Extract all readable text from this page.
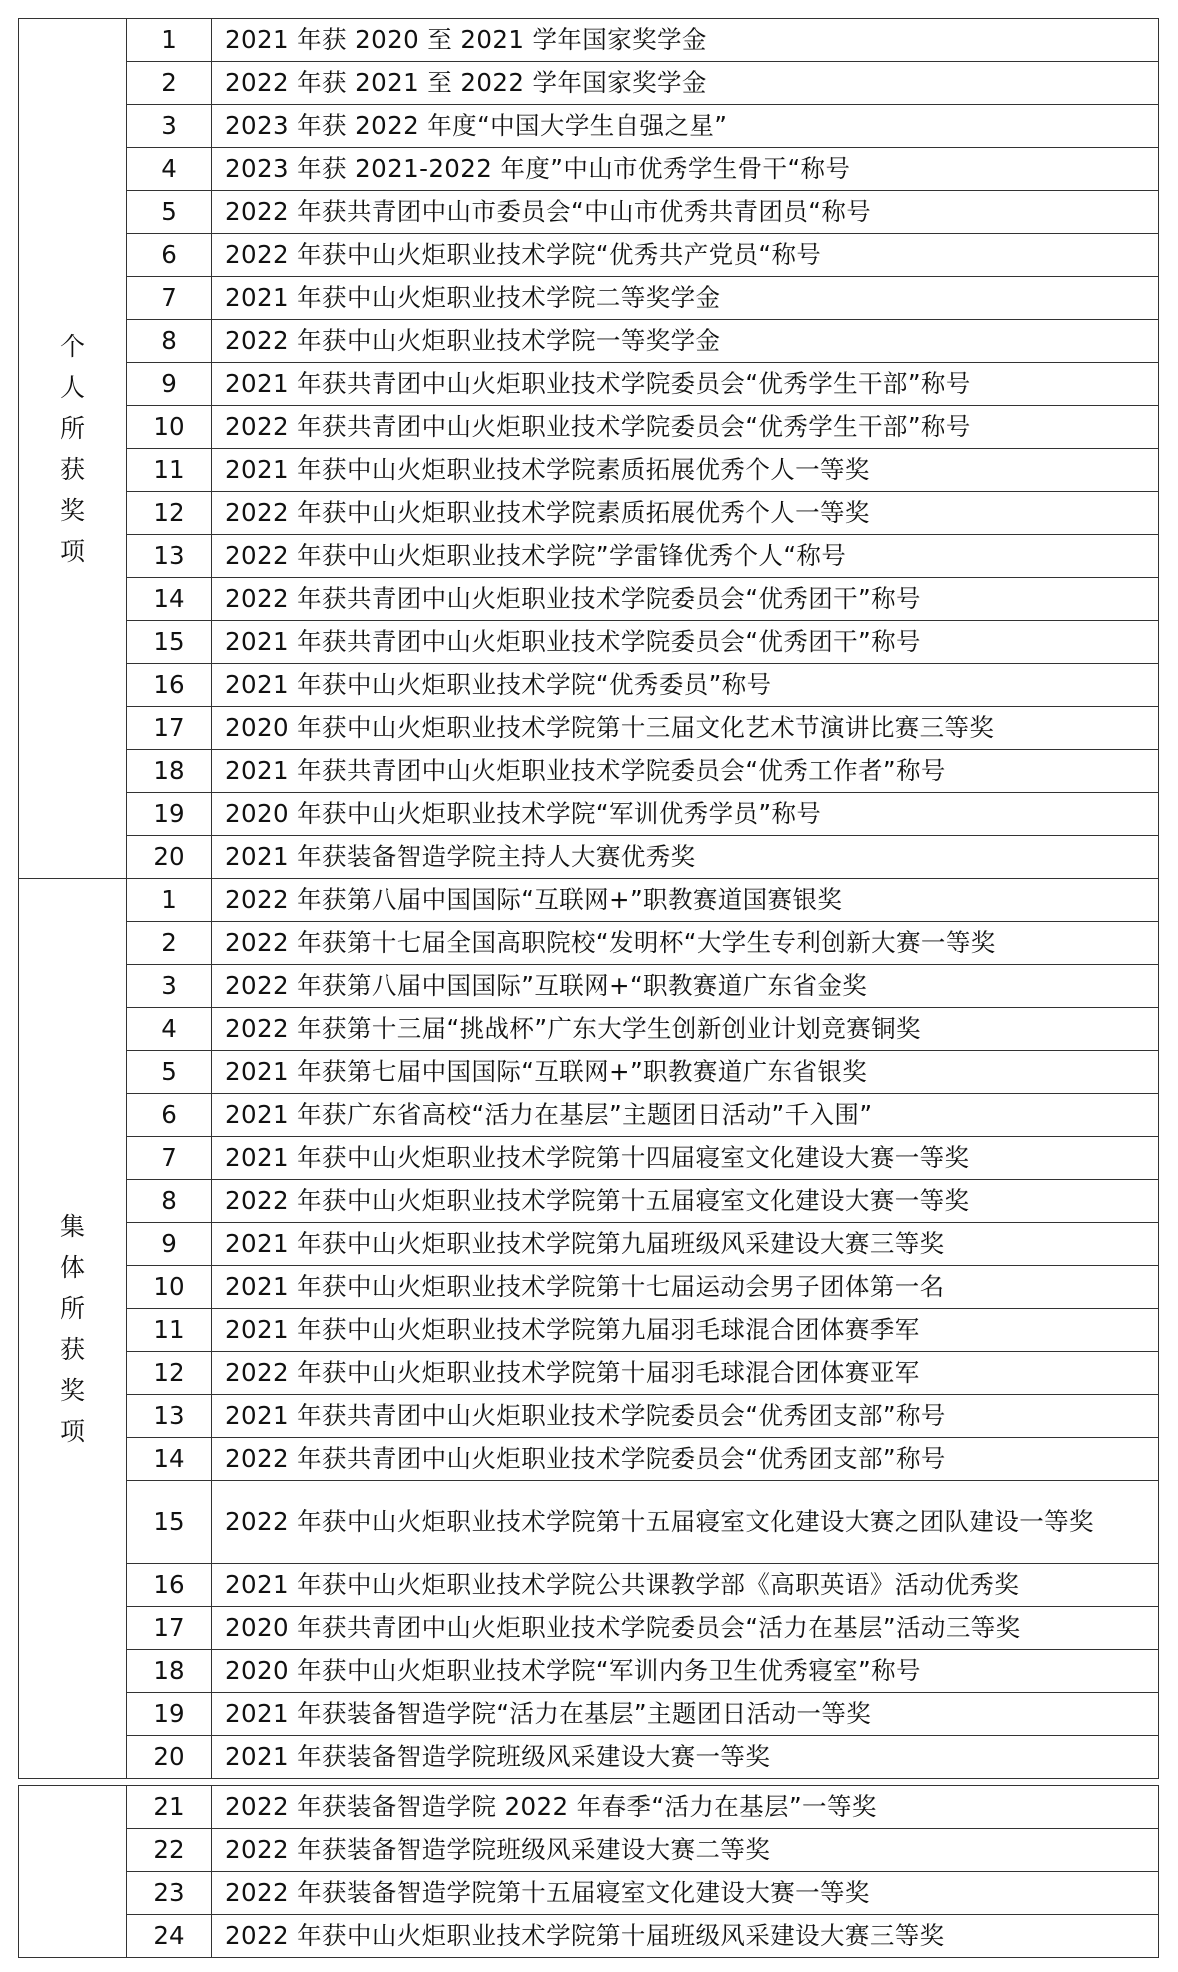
个人所获奖项	1	2021 年获 2020 至 2021 学年国家奖学金
	2	2022 年获 2021 至 2022 学年国家奖学金
	3	2023 年获 2022 年度“中国大学生自强之星”
	4	2023 年获 2021-2022 年度”中山市优秀学生骨干“称号
	5	2022 年获共青团中山市委员会“中山市优秀共青团员“称号
	6	2022 年获中山火炬职业技术学院“优秀共产党员“称号
	7	2021 年获中山火炬职业技术学院二等奖学金
	8	2022 年获中山火炬职业技术学院一等奖学金
	9	2021 年获共青团中山火炬职业技术学院委员会“优秀学生干部”称号
	10	2022 年获共青团中山火炬职业技术学院委员会“优秀学生干部”称号
	11	2021 年获中山火炬职业技术学院素质拓展优秀个人一等奖
	12	2022 年获中山火炬职业技术学院素质拓展优秀个人一等奖
	13	2022 年获中山火炬职业技术学院”学雷锋优秀个人“称号
	14	2022 年获共青团中山火炬职业技术学院委员会“优秀团干”称号
	15	2021 年获共青团中山火炬职业技术学院委员会“优秀团干”称号
	16	2021 年获中山火炬职业技术学院“优秀委员”称号
	17	2020 年获中山火炬职业技术学院第十三届文化艺术节演讲比赛三等奖
	18	2021 年获共青团中山火炬职业技术学院委员会“优秀工作者”称号
	19	2020 年获中山火炬职业技术学院“军训优秀学员”称号
	20	2021 年获装备智造学院主持人大赛优秀奖
集体所获奖项	1	2022 年获第八届中国国际“互联网+”职教赛道国赛银奖
	2	2022 年获第十七届全国高职院校“发明杯“大学生专利创新大赛一等奖
	3	2022 年获第八届中国国际”互联网+“职教赛道广东省金奖
	4	2022 年获第十三届“挑战杯”广东大学生创新创业计划竞赛铜奖
	5	2021 年获第七届中国国际“互联网+”职教赛道广东省银奖
	6	2021 年获广东省高校“活力在基层”主题团日活动”千入围”
	7	2021 年获中山火炬职业技术学院第十四届寝室文化建设大赛一等奖
	8	2022 年获中山火炬职业技术学院第十五届寝室文化建设大赛一等奖
	9	2021 年获中山火炬职业技术学院第九届班级风采建设大赛三等奖
	10	2021 年获中山火炬职业技术学院第十七届运动会男子团体第一名
	11	2021 年获中山火炬职业技术学院第九届羽毛球混合团体赛季军
	12	2022 年获中山火炬职业技术学院第十届羽毛球混合团体赛亚军
	13	2021 年获共青团中山火炬职业技术学院委员会“优秀团支部”称号
	14	2022 年获共青团中山火炬职业技术学院委员会“优秀团支部”称号
	15	2022 年获中山火炬职业技术学院第十五届寝室文化建设大赛之团队建设一等奖
	16	2021 年获中山火炬职业技术学院公共课教学部《高职英语》活动优秀奖
	17	2020 年获共青团中山火炬职业技术学院委员会“活力在基层”活动三等奖
	18	2020 年获中山火炬职业技术学院“军训内务卫生优秀寝室”称号
	19	2021 年获装备智造学院“活力在基层”主题团日活动一等奖
	20	2021 年获装备智造学院班级风采建设大赛一等奖
	21	2022 年获装备智造学院 2022 年春季“活力在基层”一等奖
	22	2022 年获装备智造学院班级风采建设大赛二等奖
	23	2022 年获装备智造学院第十五届寝室文化建设大赛一等奖
	24	2022 年获中山火炬职业技术学院第十届班级风采建设大赛三等奖
